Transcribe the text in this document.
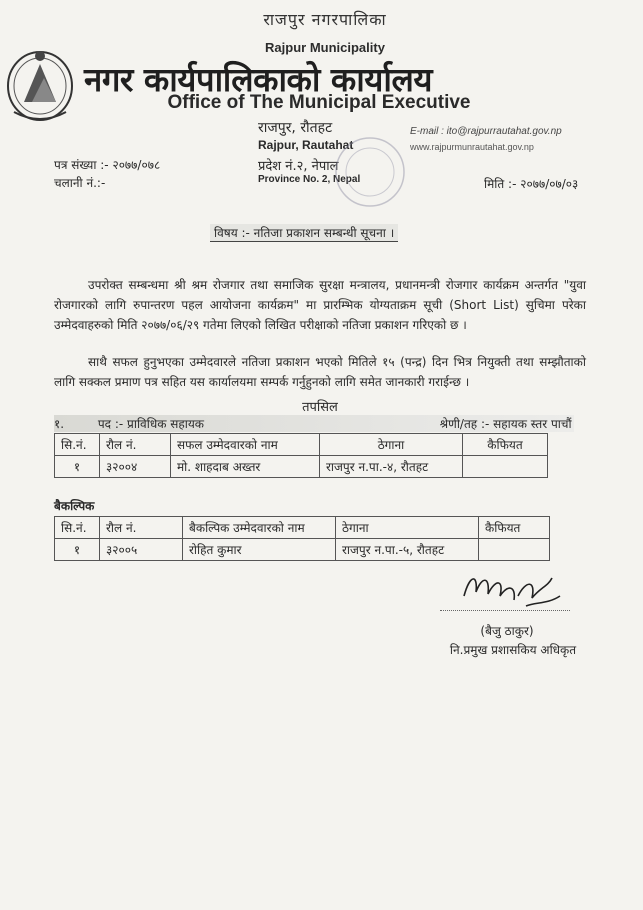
राजपुर नगरपालिका
Rajpur Municipality
नगर कार्यपालिकाको कार्यालय
Office of The Municipal Executive
राजपुर, रौतहट
Rajpur, Rautahat
प्रदेश नं.२, नेपाल
Province No. 2, Nepal
E-mail : ito@rajpurrautahat.gov.np
www.rajpurmunrautahat.gov.np
पत्र संख्या :- २०७७/०७८
चलानी नं.:-	मिति :- २०७७/०७/०३
विषय :- नतिजा प्रकाशन सम्बन्धी सूचना ।
उपरोक्त सम्बन्धमा श्री श्रम रोजगार तथा समाजिक सुरक्षा मन्त्रालय, प्रधानमन्त्री रोजगार कार्यक्रम अन्तर्गत "युवा रोजगारको लागि रुपान्तरण पहल आयोजना कार्यक्रम" मा प्रारम्भिक योग्यताक्रम सूची (Short List) सुचिमा परेका उम्मेदवाहरुको मिति २०७७/०६/२९ गतेमा लिएको लिखित परीक्षाको नतिजा प्रकाशन गरिएको छ ।
साथै सफल हुनुभएका उम्मेदवारले नतिजा प्रकाशन भएको मितिले १५ (पन्द्र) दिन भित्र नियुक्ती तथा सम्झौताको लागि सक्कल प्रमाण पत्र सहित यस कार्यालयमा सम्पर्क गर्नुहुनको लागि समेत जानकारी गराईन्छ ।
तपसिल
१.	पद :- प्राविधिक सहायक	श्रेणी/तह :- सहायक स्तर पाचौं
सि.नं.	रौल नं.	सफल उम्मेदवारको नाम	ठेगाना	कैफियत
१	३२००४	मो. शाहदाब अख्तर	राजपुर न.पा.-४, रौतहट	
बैकल्पिक
सि.नं.	रौल नं.	बैकल्पिक उम्मेदवारको नाम	ठेगाना	कैफियत
१	३२००५	रोहित कुमार	राजपुर न.पा.-५, रौतहट	
(बैजु ठाकुर)
नि.प्रमुख प्रशासकिय अधिकृत
